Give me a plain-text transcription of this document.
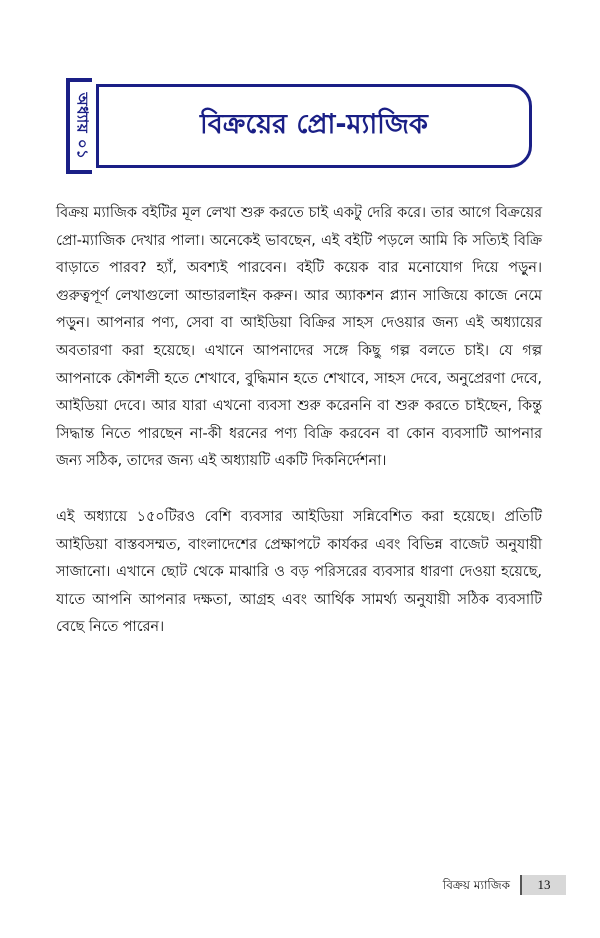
অধ্যায় ০১	বিক্রয়ের প্রো-ম্যাজিক

বিক্রয় ম্যাজিক বইটির মূল লেখা শুরু করতে চাই একটু দেরি করে। তার আগে বিক্রয়ের প্রো-ম্যাজিক দেখার পালা। অনেকেই ভাবছেন, এই বইটি পড়লে আমি কি সত্যিই বিক্রি বাড়াতে পারব? হ্যাঁ, অবশ্যই পারবেন। বইটি কয়েক বার মনোযোগ দিয়ে পড়ুন। গুরুত্বপূর্ণ লেখাগুলো আন্ডারলাইন করুন। আর অ্যাকশন প্ল্যান সাজিয়ে কাজে নেমে পড়ুন। আপনার পণ্য, সেবা বা আইডিয়া বিক্রির সাহস দেওয়ার জন্য এই অধ্যায়ের অবতারণা করা হয়েছে। এখানে আপনাদের সঙ্গে কিছু গল্প বলতে চাই। যে গল্প আপনাকে কৌশলী হতে শেখাবে, বুদ্ধিমান হতে শেখাবে, সাহস দেবে, অনুপ্রেরণা দেবে, আইডিয়া দেবে। আর যারা এখনো ব্যবসা শুরু করেননি বা শুরু করতে চাইছেন, কিন্তু সিদ্ধান্ত নিতে পারছেন না-কী ধরনের পণ্য বিক্রি করবেন বা কোন ব্যবসাটি আপনার জন্য সঠিক, তাদের জন্য এই অধ্যায়টি একটি দিকনির্দেশনা।

এই অধ্যায়ে ১৫০টিরও বেশি ব্যবসার আইডিয়া সন্নিবেশিত করা হয়েছে। প্রতিটি আইডিয়া বাস্তবসম্মত, বাংলাদেশের প্রেক্ষাপটে কার্যকর এবং বিভিন্ন বাজেট অনুযায়ী সাজানো। এখানে ছোট থেকে মাঝারি ও বড় পরিসরের ব্যবসার ধারণা দেওয়া হয়েছে, যাতে আপনি আপনার দক্ষতা, আগ্রহ এবং আর্থিক সামর্থ্য অনুযায়ী সঠিক ব্যবসাটি বেছে নিতে পারেন।

বিক্রয় ম্যাজিক	13
